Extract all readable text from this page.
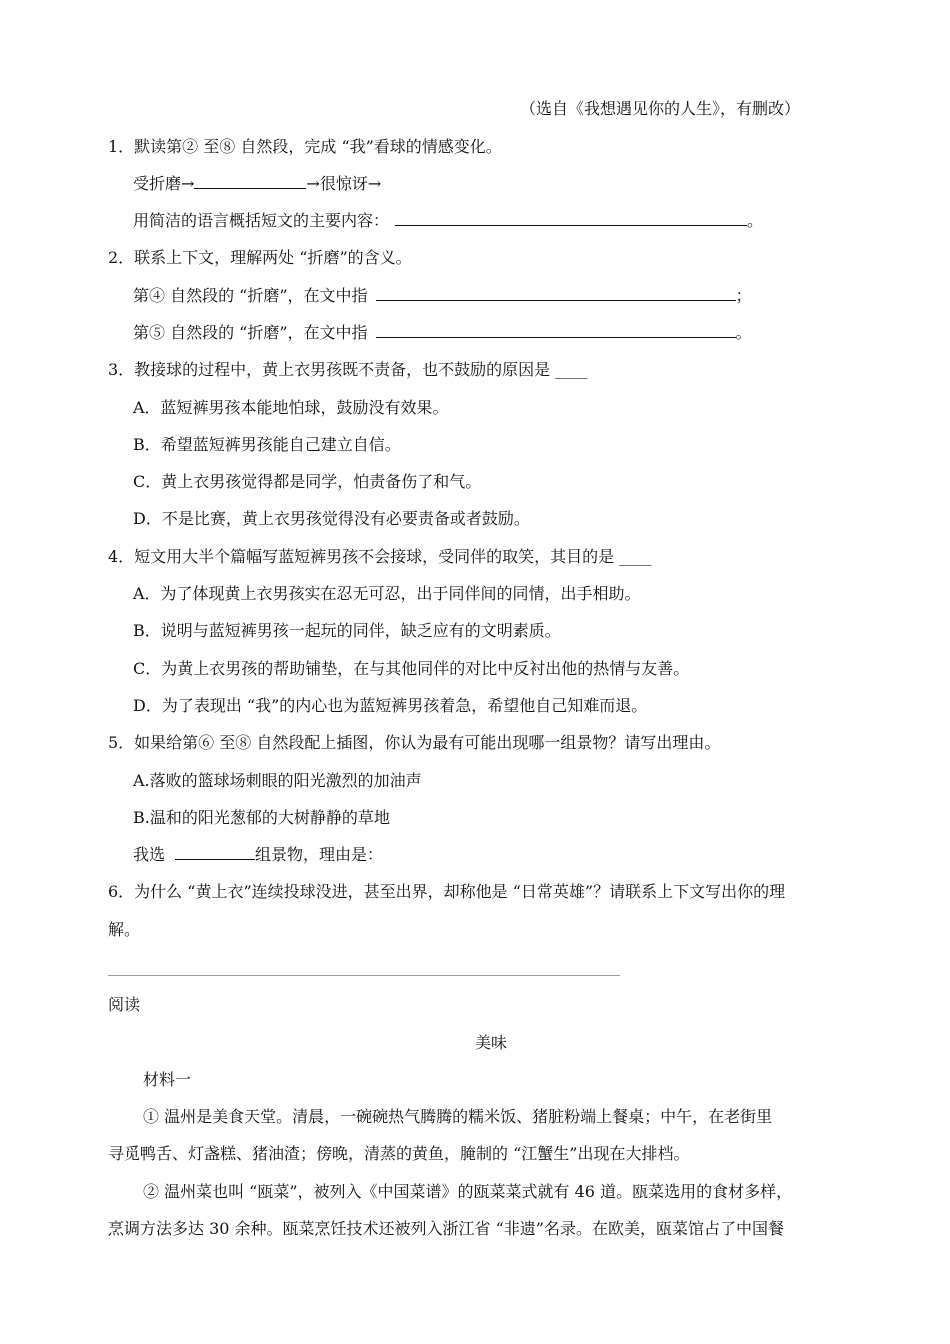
（选自《我想遇见你的人生》，有删改）
1．默读第② 至⑧ 自然段，完成 “我”看球的情感变化。
受折磨→	→很惊讶→
用简洁的语言概括短文的主要内容：	。
2．联系上下文，理解两处 “折磨”的含义。
第④ 自然段的 “折磨”，在文中指	；
第⑤ 自然段的 “折磨”，在文中指	。
3．教接球的过程中，黄上衣男孩既不责备，也不鼓励的原因是 ____
A．蓝短裤男孩本能地怕球，鼓励没有效果。
B．希望蓝短裤男孩能自己建立自信。
C．黄上衣男孩觉得都是同学，怕责备伤了和气。
D．不是比赛，黄上衣男孩觉得没有必要责备或者鼓励。
4．短文用大半个篇幅写蓝短裤男孩不会接球，受同伴的取笑，其目的是 ____
A．为了体现黄上衣男孩实在忍无可忍，出于同伴间的同情，出手相助。
B．说明与蓝短裤男孩一起玩的同伴，缺乏应有的文明素质。
C．为黄上衣男孩的帮助铺垫，在与其他同伴的对比中反衬出他的热情与友善。
D．为了表现出 “我”的内心也为蓝短裤男孩着急，希望他自己知难而退。
5．如果给第⑥ 至⑧ 自然段配上插图，你认为最有可能出现哪一组景物？请写出理由。
A.落败的篮球场刺眼的阳光激烈的加油声
B.温和的阳光葱郁的大树静静的草地
我选	组景物，理由是：
6．为什么 “黄上衣”连续投球没进，甚至出界，却称他是 “日常英雄”？请联系上下文写出你的理
解。
阅读
美味
材料一
① 温州是美食天堂。清晨，一碗碗热气腾腾的糯米饭、猪脏粉端上餐桌；中午，在老街里
寻觅鸭舌、灯盏糕、猪油渣；傍晚，清蒸的黄鱼，腌制的 “江蟹生”出现在大排档。
② 温州菜也叫 “瓯菜”，被列入《中国菜谱》的瓯菜菜式就有 46 道。瓯菜选用的食材多样，
烹调方法多达 30 余种。瓯菜烹饪技术还被列入浙江省 “非遗”名录。在欧美，瓯菜馆占了中国餐
